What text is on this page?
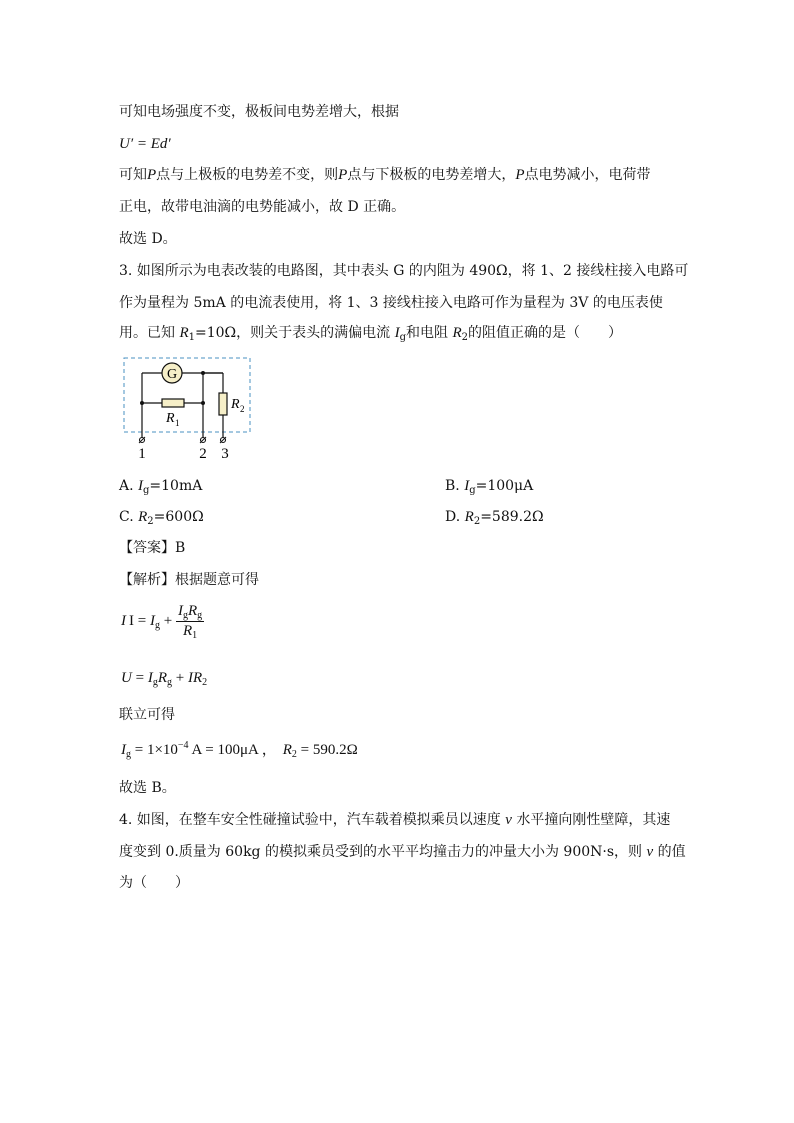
可知电场强度不变，极板间电势差增大，根据
U′ = Ed′
可知P点与上极板的电势差不变，则P点与下极板的电势差增大，P点电势减小，电荷带
正电，故带电油滴的电势能减小，故 D 正确。
故选 D。
3. 如图所示为电表改装的电路图，其中表头 G 的内阻为 490Ω，将 1、2 接线柱接入电路可
作为量程为 5mA 的电流表使用，将 1、3 接线柱接入电路可作为量程为 3V 的电压表使
用。已知 $R_1=10\Omega$，则关于表头的满偏电流 $I_g$和电阻 $R_2$的阻值正确的是（　　）
G
R 1
R 2
1	2 3
A. $I_g=10mA$	B. $I_g=100\mu A$
C. $R_2=600\Omega$	D. $R_2=589.2\Omega$
【答案】B
【解析】根据题意可得
I $I = I_g + \frac{I_gR_g}{R_1}$
$U = I_gR_g + IR_2$
联立可得
$I_g = 1\times 10^{-4}$ A = 100μA ， $R_2 = 590.2\Omega$
故选 B。
4. 如图，在整车安全性碰撞试验中，汽车载着模拟乘员以速度 v 水平撞向刚性壁障，其速
度变到 0.质量为 60kg 的模拟乘员受到的水平平均撞击力的冲量大小为 900N·s，则 v 的值
为（　　）
